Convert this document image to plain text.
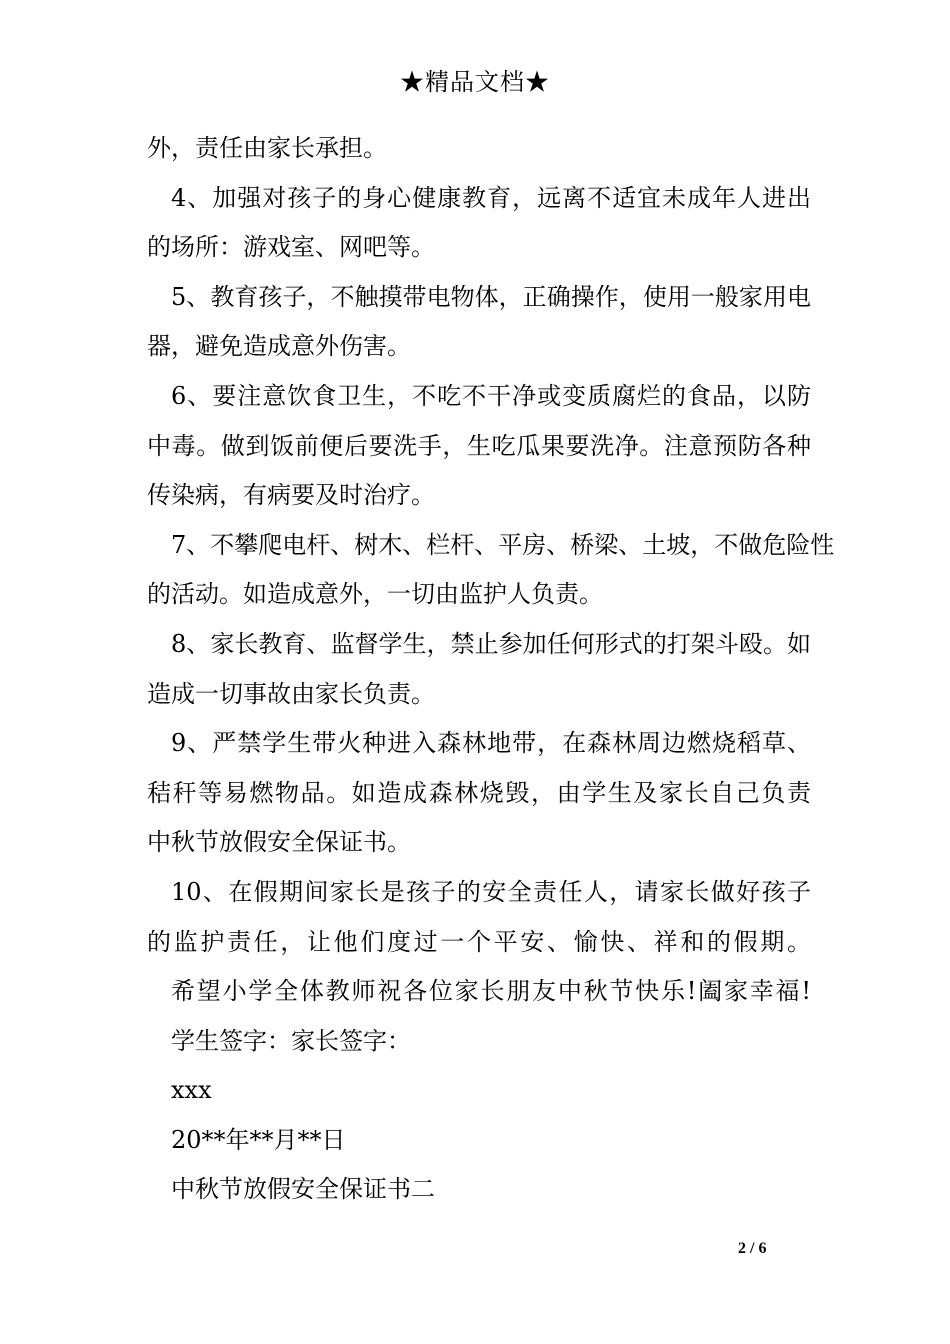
★精品文档★
外，责任由家长承担。
4、加强对孩子的身心健康教育，远离不适宜未成年人进出
的场所：游戏室、网吧等。
5、教育孩子，不触摸带电物体，正确操作，使用一般家用电
器，避免造成意外伤害。
6、要注意饮食卫生，不吃不干净或变质腐烂的食品，以防
中毒。做到饭前便后要洗手，生吃瓜果要洗净。注意预防各种
传染病，有病要及时治疗。
7、不攀爬电杆、树木、栏杆、平房、桥梁、土坡，不做危险性
的活动。如造成意外，一切由监护人负责。
8、家长教育、监督学生，禁止参加任何形式的打架斗殴。如
造成一切事故由家长负责。
9、严禁学生带火种进入森林地带，在森林周边燃烧稻草、
秸秆等易燃物品。如造成森林烧毁，由学生及家长自己负责
中秋节放假安全保证书。
10、在假期间家长是孩子的安全责任人，请家长做好孩子
的监护责任，让他们度过一个平安、愉快、祥和的假期。
希望小学全体教师祝各位家长朋友中秋节快乐!阖家幸福!
学生签字：家长签字：
xxx
20**年**月**日
中秋节放假安全保证书二
2 / 6
